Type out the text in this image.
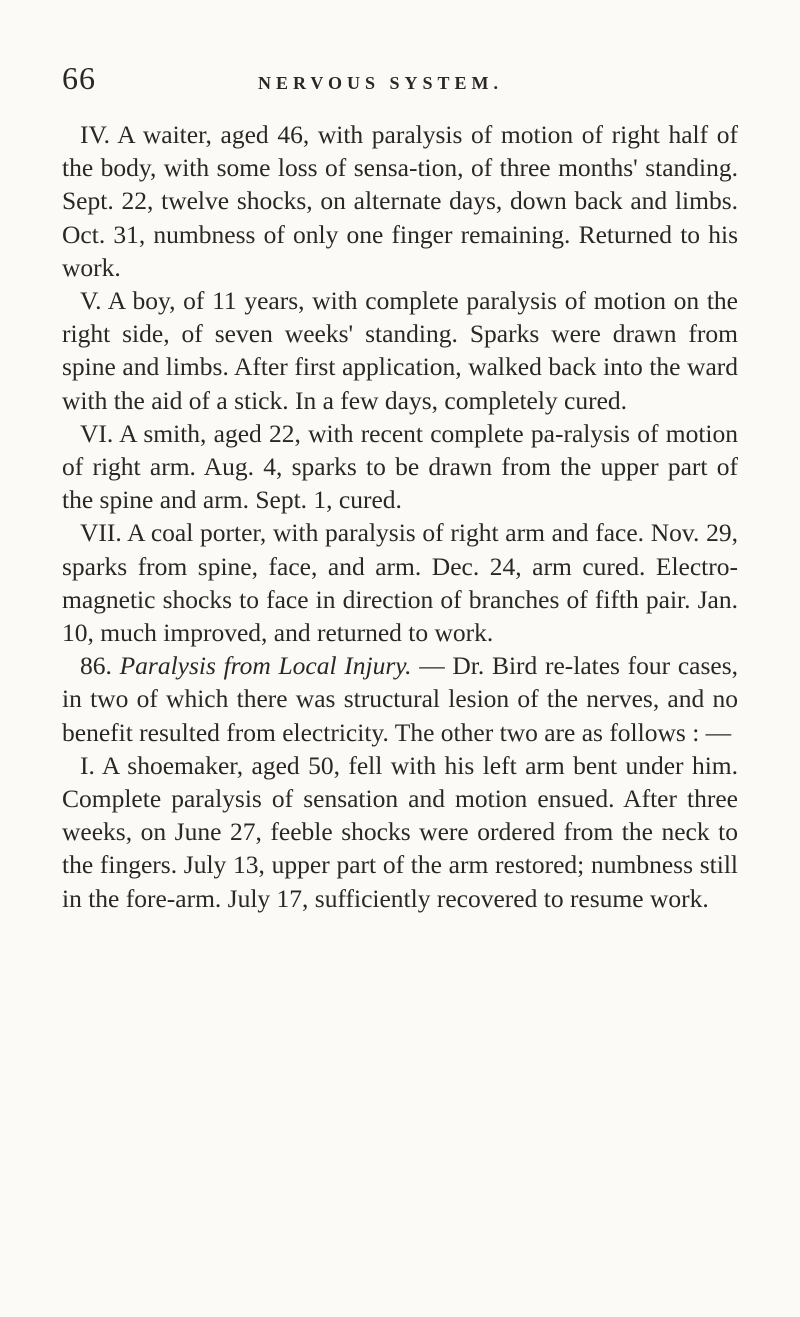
66	NERVOUS SYSTEM.

IV. A waiter, aged 46, with paralysis of motion of right half of the body, with some loss of sensa-tion, of three months' standing. Sept. 22, twelve shocks, on alternate days, down back and limbs. Oct. 31, numbness of only one finger remaining. Returned to his work.

V. A boy, of 11 years, with complete paralysis of motion on the right side, of seven weeks' standing. Sparks were drawn from spine and limbs. After first application, walked back into the ward with the aid of a stick. In a few days, completely cured.

VI. A smith, aged 22, with recent complete pa-ralysis of motion of right arm. Aug. 4, sparks to be drawn from the upper part of the spine and arm. Sept. 1, cured.

VII. A coal porter, with paralysis of right arm and face. Nov. 29, sparks from spine, face, and arm. Dec. 24, arm cured. Electro-magnetic shocks to face in direction of branches of fifth pair. Jan. 10, much improved, and returned to work.

86. Paralysis from Local Injury. — Dr. Bird re-lates four cases, in two of which there was structural lesion of the nerves, and no benefit resulted from electricity. The other two are as follows : —

I. A shoemaker, aged 50, fell with his left arm bent under him. Complete paralysis of sensation and motion ensued. After three weeks, on June 27, feeble shocks were ordered from the neck to the fingers. July 13, upper part of the arm restored; numbness still in the fore-arm. July 17, sufficiently recovered to resume work.
